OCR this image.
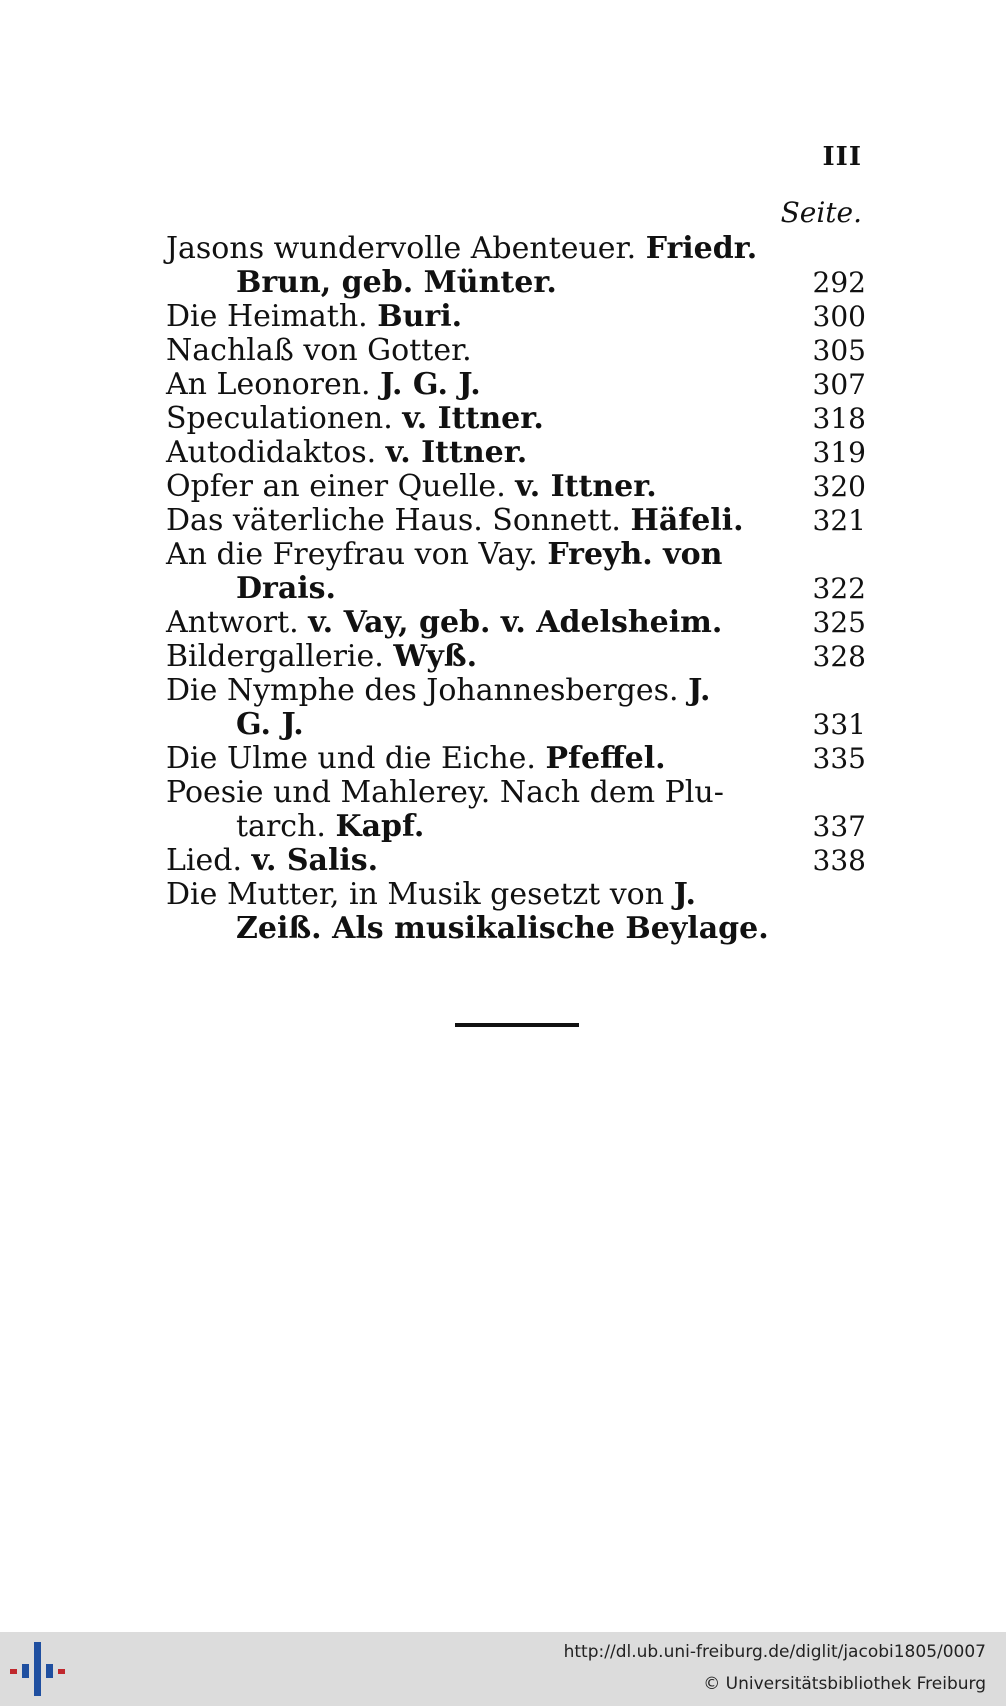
III
Seite.
Jasons wundervolle Abenteuer. Friedr.
Brun, geb. Münter.	292
Die Heimath. Buri.	300
Nachlaß von Gotter.	305
An Leonoren. J. G. J.	307
Speculationen. v. Ittner.	318
Autodidaktos. v. Ittner.	319
Opfer an einer Quelle. v. Ittner.	320
Das väterliche Haus. Sonnett. Häfeli.	321
An die Freyfrau von Vay. Freyh. von
Drais.	322
Antwort. v. Vay, geb. v. Adelsheim.	325
Bildergallerie. Wyß.	328
Die Nymphe des Johannesberges. J.
G. J.	331
Die Ulme und die Eiche. Pfeffel.	335
Poesie und Mahlerey. Nach dem Plu-
tarch. Kapf.	337
Lied. v. Salis.	338
Die Mutter, in Musik gesetzt von J.
Zeiß. Als musikalische Beylage.
http://dl.ub.uni-freiburg.de/diglit/jacobi1805/0007
© Universitätsbibliothek Freiburg
